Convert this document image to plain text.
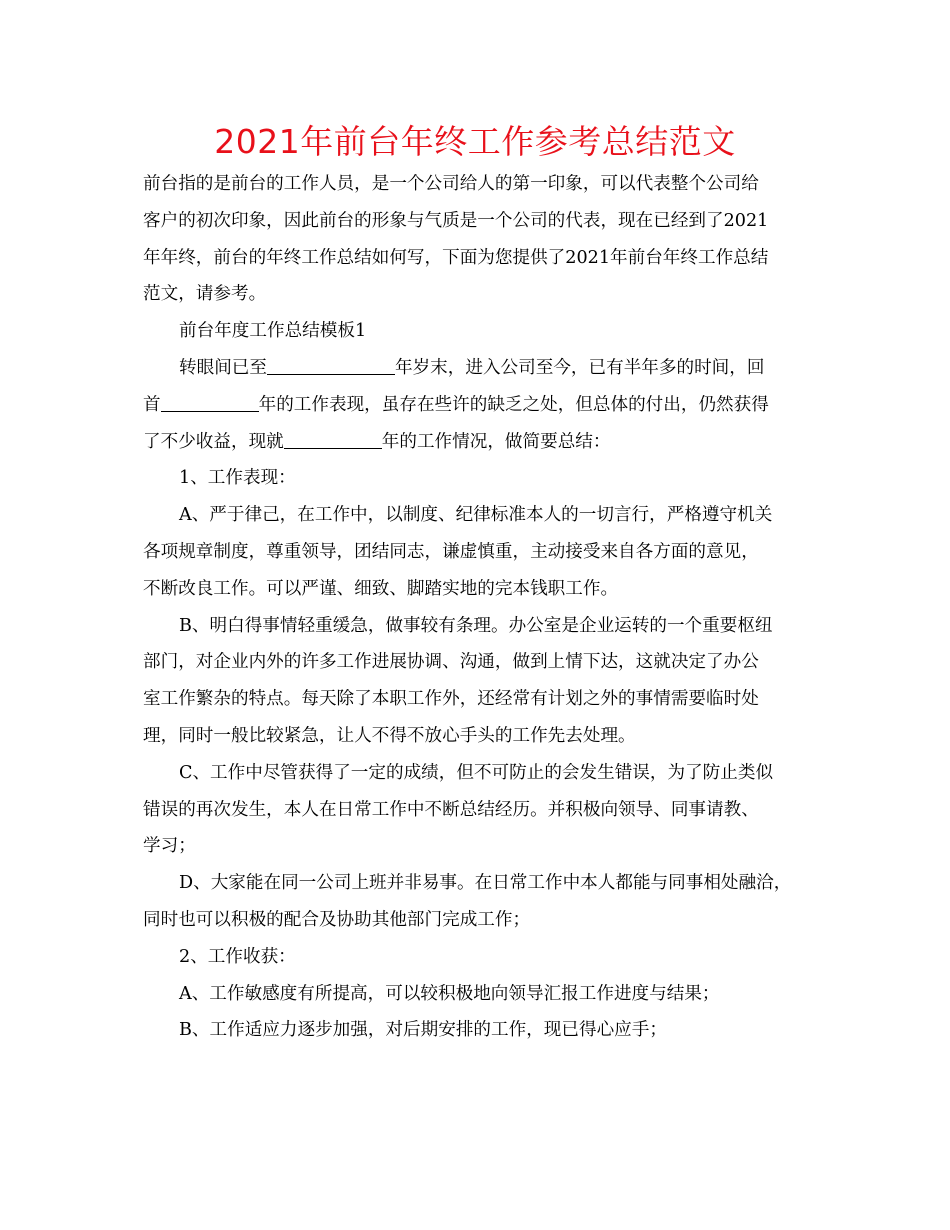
2021年前台年终工作参考总结范文
前台指的是前台的工作人员，是一个公司给人的第一印象，可以代表整个公司给
客户的初次印象，因此前台的形象与气质是一个公司的代表，现在已经到了2021
年年终，前台的年终工作总结如何写，下面为您提供了2021年前台年终工作总结
范文，请参考。
前台年度工作总结模板1
转眼间已至	年岁末，进入公司至今，已有半年多的时间，回
首	年的工作表现，虽存在些许的缺乏之处，但总体的付出，仍然获得
了不少收益，现就	年的工作情况，做简要总结：
1、工作表现：
A、严于律己，在工作中，以制度、纪律标准本人的一切言行，严格遵守机关
各项规章制度，尊重领导，团结同志，谦虚慎重，主动接受来自各方面的意见，
不断改良工作。可以严谨、细致、脚踏实地的完本钱职工作。
B、明白得事情轻重缓急，做事较有条理。办公室是企业运转的一个重要枢纽
部门，对企业内外的许多工作进展协调、沟通，做到上情下达，这就决定了办公
室工作繁杂的特点。每天除了本职工作外，还经常有计划之外的事情需要临时处
理，同时一般比较紧急，让人不得不放心手头的工作先去处理。
C、工作中尽管获得了一定的成绩，但不可防止的会发生错误，为了防止类似
错误的再次发生，本人在日常工作中不断总结经历。并积极向领导、同事请教、
学习；
D、大家能在同一公司上班并非易事。在日常工作中本人都能与同事相处融洽，
同时也可以积极的配合及协助其他部门完成工作；
2、工作收获：
A、工作敏感度有所提高，可以较积极地向领导汇报工作进度与结果；
B、工作适应力逐步加强，对后期安排的工作，现已得心应手；
